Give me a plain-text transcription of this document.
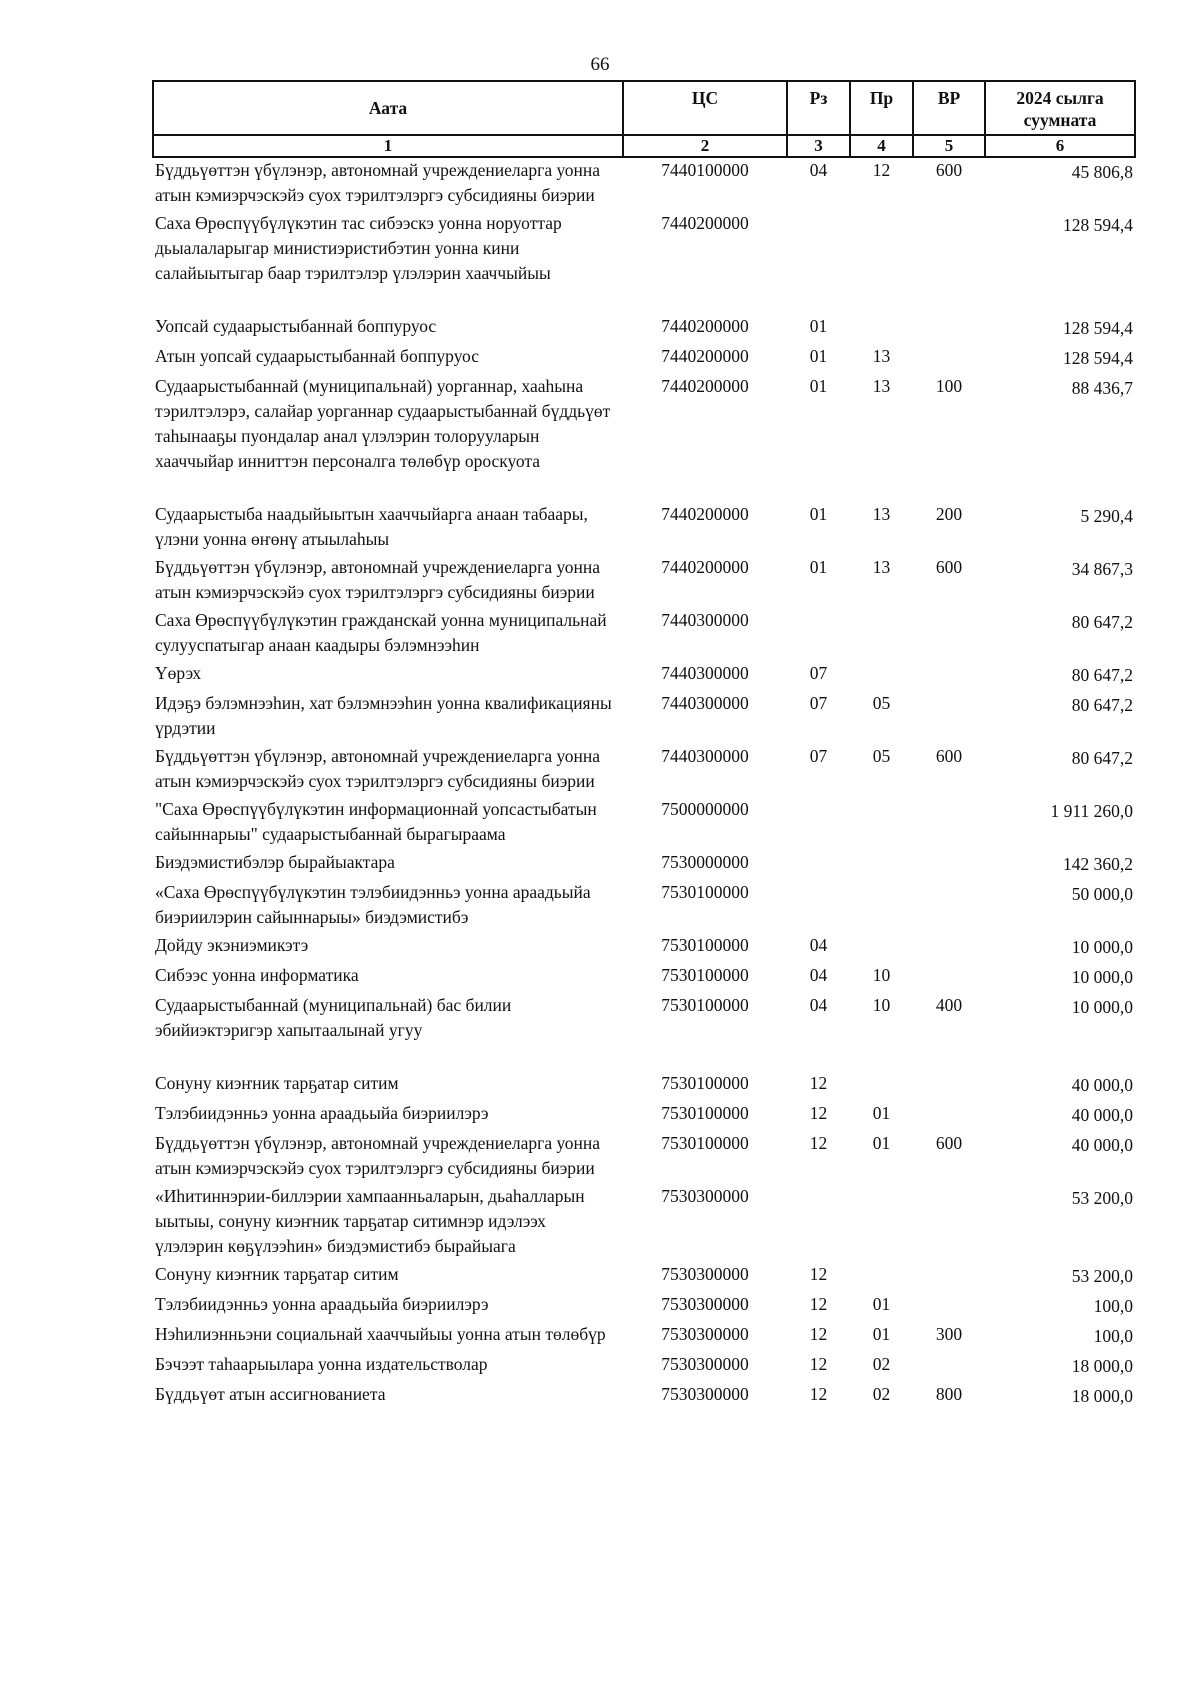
66
Аата	ЦС	Рз	Пр	ВР	2024 сылга суумната
1	2	3	4	5	6
Бүддьүөттэн үбүлэнэр, автономнай учреждениеларга уонна атын кэмиэрчэскэйэ суох тэрилтэлэргэ субсидияны биэрии	7440100000	04	12	600	45 806,8
Саха Өрөспүүбүлүкэтин тас сибээскэ уонна норуоттар дьыалаларыгар министиэристибэтин уонна кини салайыытыгар баар тэрилтэлэр үлэлэрин хааччыйыы	7440200000				128 594,4
Уопсай судаарыстыбаннай боппуруос	7440200000	01			128 594,4
Атын уопсай судаарыстыбаннай боппуруос	7440200000	01	13		128 594,4
Судаарыстыбаннай (муниципальнай) уорганнар, хааһына тэрилтэлэрэ, салайар уорганнар судаарыстыбаннай бүддьүөт таһынааҕы пуондалар анал үлэлэрин толорууларын хааччыйар инниттэн персоналга төлөбүр ороскуота	7440200000	01	13	100	88 436,7
Судаарыстыба наадыйыытын хааччыйарга анаан табаары, үлэни уонна өҥөнү атыылаһыы	7440200000	01	13	200	5 290,4
Бүддьүөттэн үбүлэнэр, автономнай учреждениеларга уонна атын кэмиэрчэскэйэ суох тэрилтэлэргэ субсидияны биэрии	7440200000	01	13	600	34 867,3
Саха Өрөспүүбүлүкэтин гражданскай уонна муниципальнай сулууспатыгар анаан каадыры бэлэмнээһин	7440300000				80 647,2
Үөрэх	7440300000	07			80 647,2
Идэҕэ бэлэмнээһин, хат бэлэмнээһин уонна квалификацияны үрдэтии	7440300000	07	05		80 647,2
Бүддьүөттэн үбүлэнэр, автономнай учреждениеларга уонна атын кэмиэрчэскэйэ суох тэрилтэлэргэ субсидияны биэрии	7440300000	07	05	600	80 647,2
"Саха Өрөспүүбүлүкэтин информационнай уопсастыбатын сайыннарыы" судаарыстыбаннай бырагыраама	7500000000				1 911 260,0
Биэдэмистибэлэр бырайыактара	7530000000				142 360,2
«Саха Өрөспүүбүлүкэтин тэлэбиидэнньэ уонна араадьыйа биэриилэрин сайыннарыы» биэдэмистибэ	7530100000				50 000,0
Дойду экэниэмикэтэ	7530100000	04			10 000,0
Сибээс уонна информатика	7530100000	04	10		10 000,0
Судаарыстыбаннай (муниципальнай) бас билии эбийиэктэригэр хапытаалынай угуу	7530100000	04	10	400	10 000,0
Сонуну киэҥник тарҕатар ситим	7530100000	12			40 000,0
Тэлэбиидэнньэ уонна араадьыйа биэриилэрэ	7530100000	12	01		40 000,0
Бүддьүөттэн үбүлэнэр, автономнай учреждениеларга уонна атын кэмиэрчэскэйэ суох тэрилтэлэргэ субсидияны биэрии	7530100000	12	01	600	40 000,0
«Иһитиннэрии-биллэрии хампаанньаларын, дьаһалларын ыытыы, сонуну киэҥник тарҕатар ситимнэр идэлээх үлэлэрин көҕүлээһин» биэдэмистибэ бырайыага	7530300000				53 200,0
Сонуну киэҥник тарҕатар ситим	7530300000	12			53 200,0
Тэлэбиидэнньэ уонна араадьыйа биэриилэрэ	7530300000	12	01		100,0
Нэһилиэнньэни социальнай хааччыйыы уонна атын төлөбүр	7530300000	12	01	300	100,0
Бэчээт таһаарыылара уонна издательстволар	7530300000	12	02		18 000,0
Бүддьүөт атын ассигнованиета	7530300000	12	02	800	18 000,0
